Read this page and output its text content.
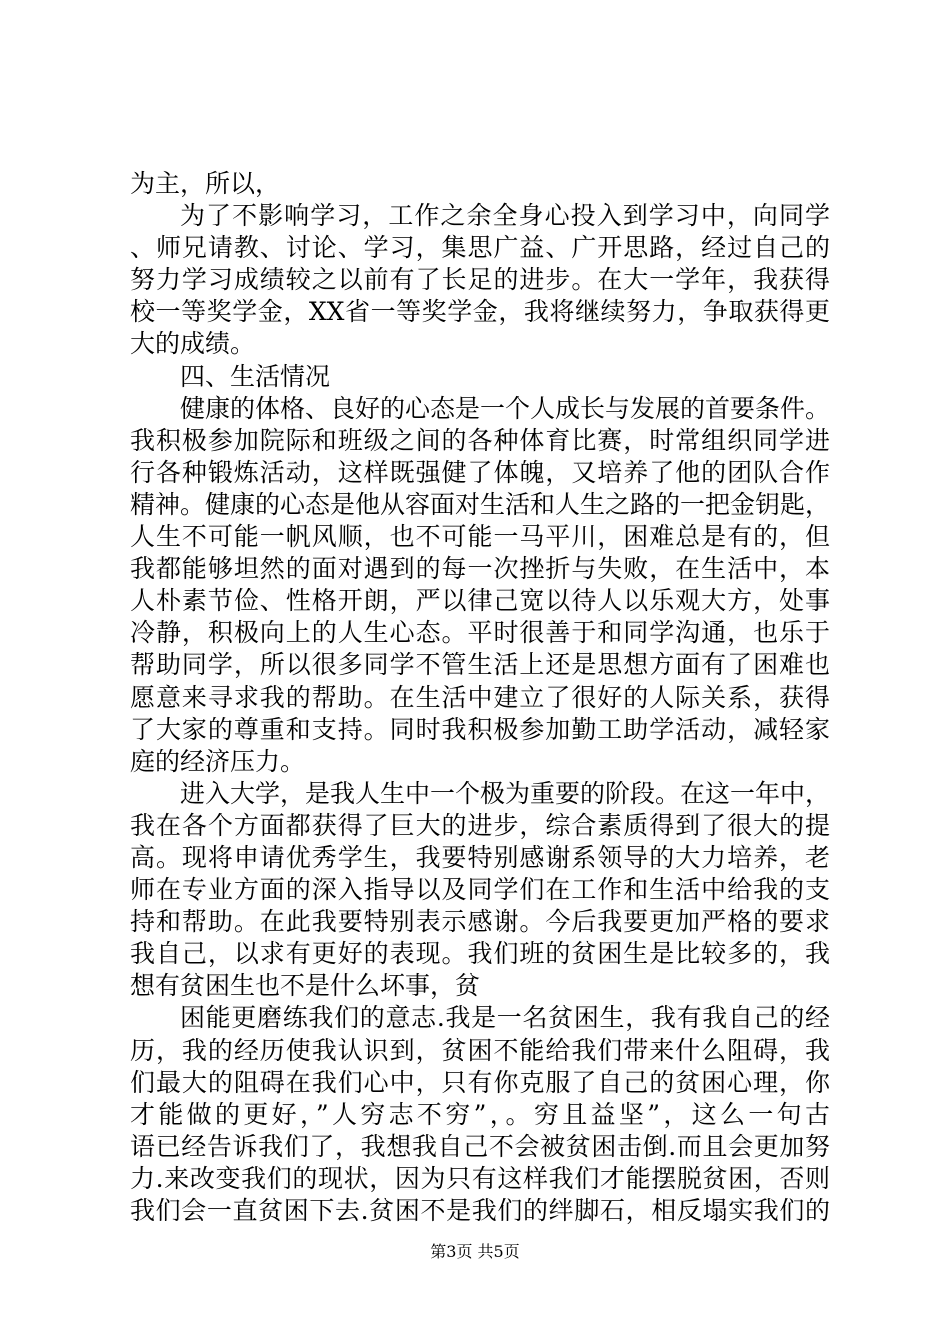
为主，所以，
为了不影响学习，工作之余全身心投入到学习中，向同学
、师兄请教、讨论、学习，集思广益、广开思路，经过自己的
努力学习成绩较之以前有了长足的进步。在大一学年，我获得
校一等奖学金，XX省一等奖学金，我将继续努力，争取获得更
大的成绩。
四、生活情况
健康的体格、良好的心态是一个人成长与发展的首要条件。
我积极参加院际和班级之间的各种体育比赛，时常组织同学进
行各种锻炼活动，这样既强健了体魄，又培养了他的团队合作
精神。健康的心态是他从容面对生活和人生之路的一把金钥匙，
人生不可能一帆风顺，也不可能一马平川，困难总是有的，但
我都能够坦然的面对遇到的每一次挫折与失败，在生活中，本
人朴素节俭、性格开朗，严以律己宽以待人以乐观大方，处事
冷静，积极向上的人生心态。平时很善于和同学沟通，也乐于
帮助同学，所以很多同学不管生活上还是思想方面有了困难也
愿意来寻求我的帮助。在生活中建立了很好的人际关系，获得
了大家的尊重和支持。同时我积极参加勤工助学活动，减轻家
庭的经济压力。
进入大学，是我人生中一个极为重要的阶段。在这一年中，
我在各个方面都获得了巨大的进步，综合素质得到了很大的提
高。现将申请优秀学生，我要特别感谢系领导的大力培养，老
师在专业方面的深入指导以及同学们在工作和生活中给我的支
持和帮助。在此我要特别表示感谢。今后我要更加严格的要求
我自己，以求有更好的表现。我们班的贫困生是比较多的，我
想有贫困生也不是什么坏事，贫
困能更磨练我们的意志.我是一名贫困生，我有我自己的经
历，我的经历使我认识到，贫困不能给我们带来什么阻碍，我
们最大的阻碍在我们心中，只有你克服了自己的贫困心理，你
才能做的更好，”人穷志不穷”，。穷且益坚”，这么一句古
语已经告诉我们了，我想我自己不会被贫困击倒.而且会更加努
力.来改变我们的现状，因为只有这样我们才能摆脱贫困，否则
我们会一直贫困下去.贫困不是我们的绊脚石，相反塌实我们的
第3页 共5页
